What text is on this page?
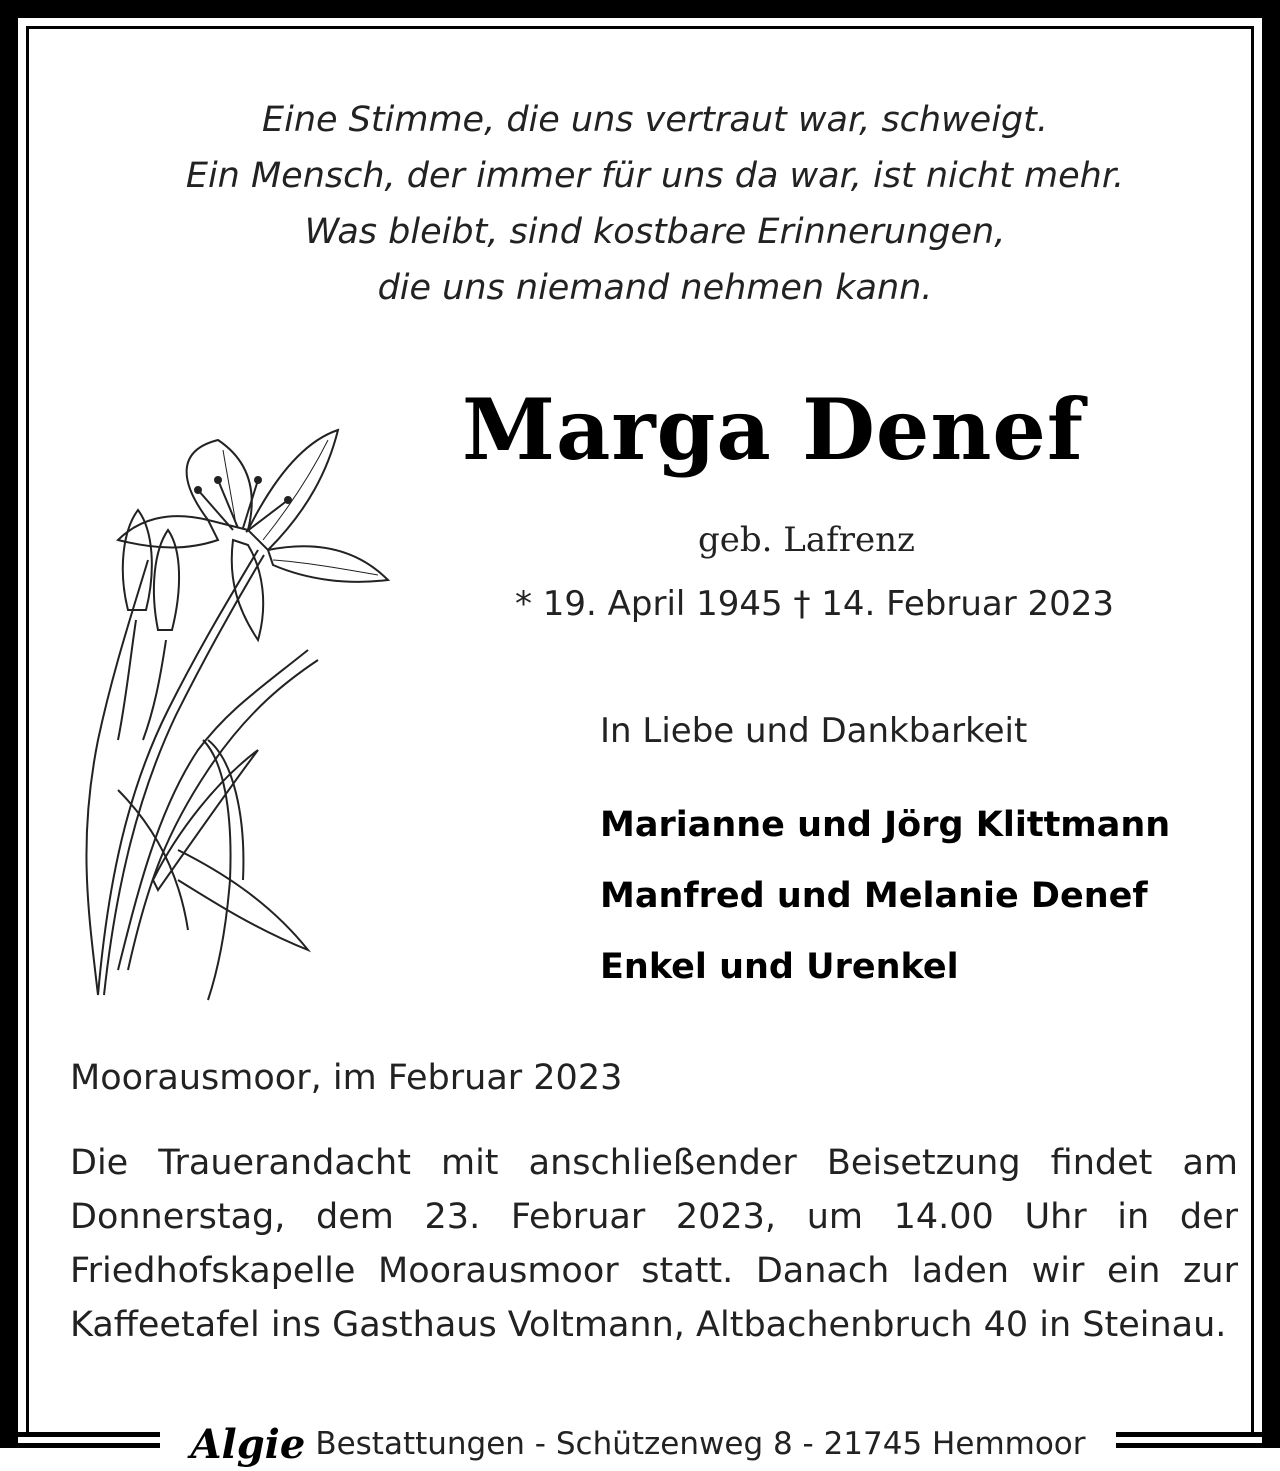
Eine Stimme, die uns vertraut war, schweigt.
Ein Mensch, der immer für uns da war, ist nicht mehr.
Was bleibt, sind kostbare Erinnerungen,
die uns niemand nehmen kann.
Marga Denef
geb. Lafrenz
* 19. April 1945 † 14. Februar 2023
In Liebe und Dankbarkeit
Marianne und Jörg Klittmann
Manfred und Melanie Denef
Enkel und Urenkel
Moorausmoor, im Februar 2023
Die Trauerandacht mit anschließender Beisetzung findet am Donnerstag, dem 23. Februar 2023, um 14.00 Uhr in der Friedhofskapelle Moorausmoor statt. Danach laden wir ein zur Kaffeetafel ins Gasthaus Voltmann, Altbachenbruch 40 in Steinau.
Algie Bestattungen - Schützenweg 8 - 21745 Hemmoor
